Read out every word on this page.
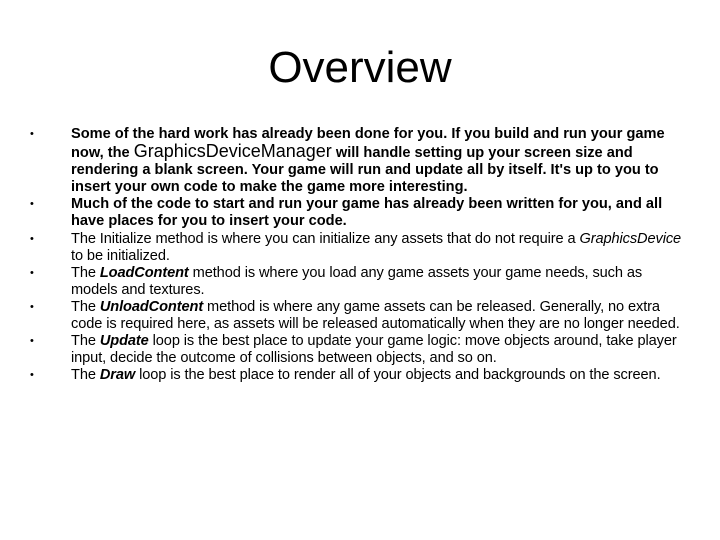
Overview
•	Some of the hard work has already been done for you. If you build and run your game now, the GraphicsDeviceManager will handle setting up your screen size and rendering a blank screen. Your game will run and update all by itself. It's up to you to insert your own code to make the game more interesting.
•	Much of the code to start and run your game has already been written for you, and all have places for you to insert your code.
•	The Initialize method is where you can initialize any assets that do not require a GraphicsDevice to be initialized.
•	The LoadContent method is where you load any game assets your game needs, such as models and textures.
•	The UnloadContent method is where any game assets can be released. Generally, no extra code is required here, as assets will be released automatically when they are no longer needed.
•	The Update loop is the best place to update your game logic: move objects around, take player input, decide the outcome of collisions between objects, and so on.
•	The Draw loop is the best place to render all of your objects and backgrounds on the screen.
